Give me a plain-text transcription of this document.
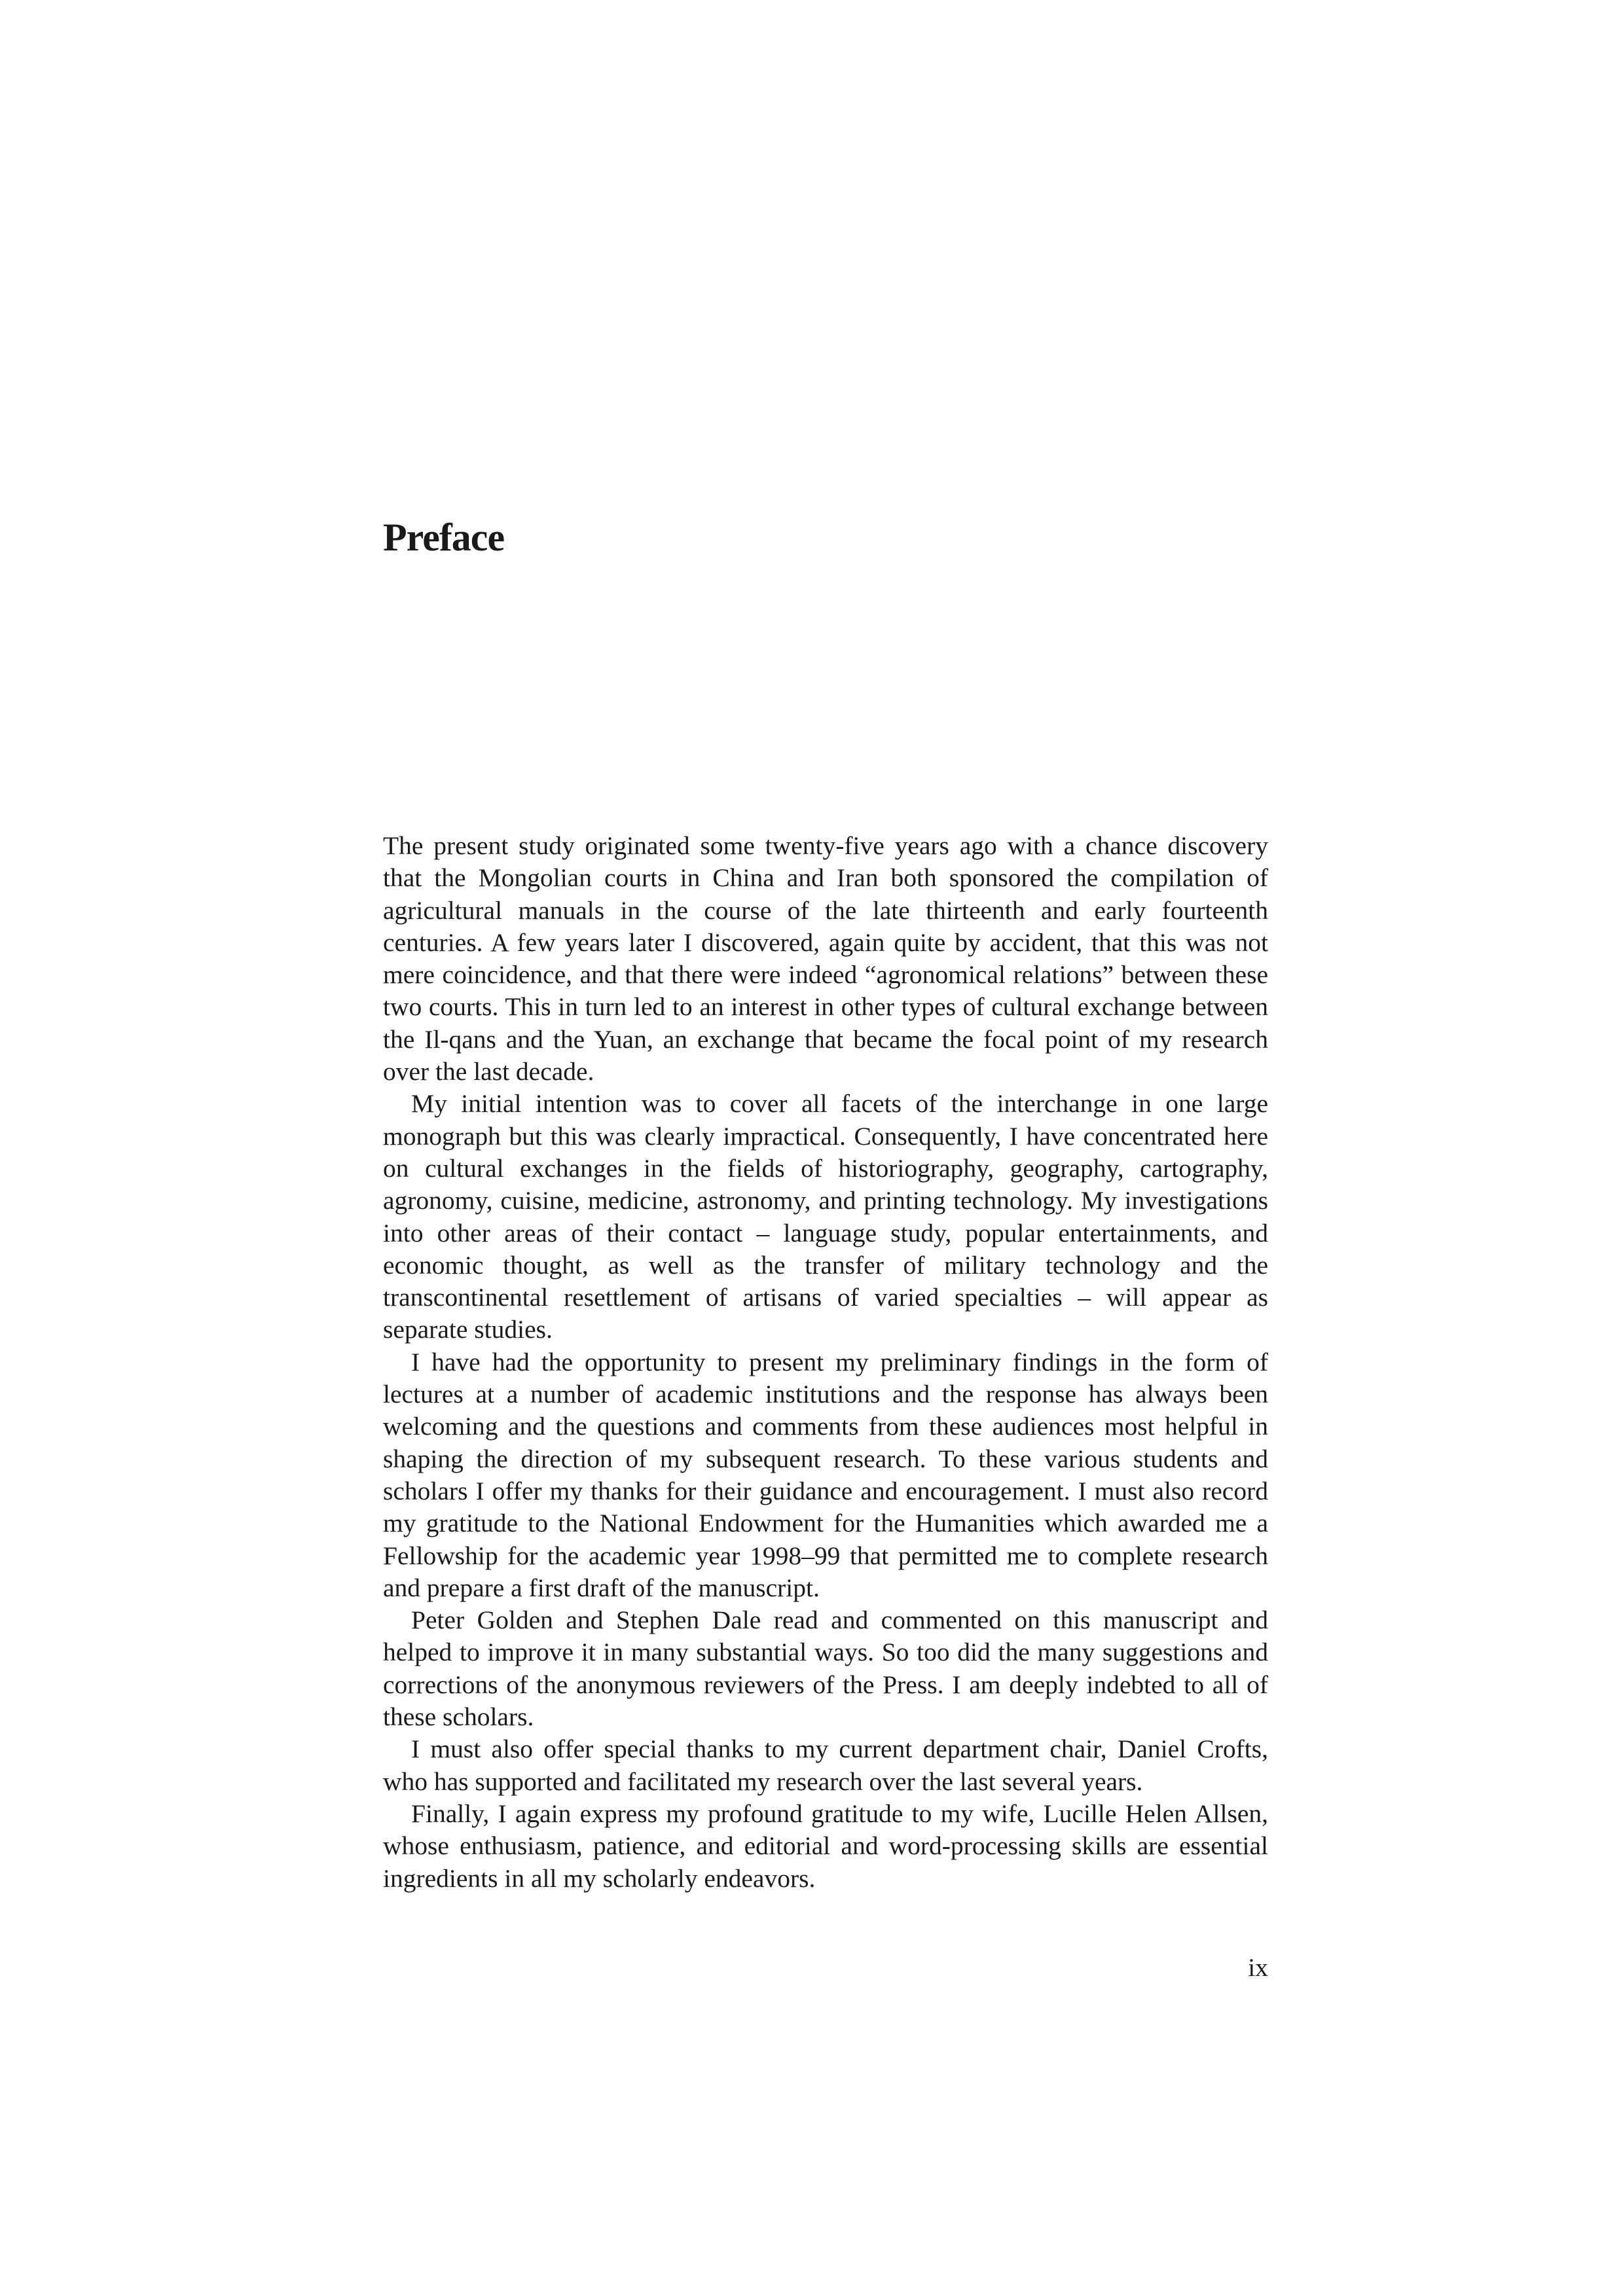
Preface

The present study originated some twenty-five years ago with a chance discovery that the Mongolian courts in China and Iran both sponsored the compilation of agricultural manuals in the course of the late thirteenth and early fourteenth centuries. A few years later I discovered, again quite by accident, that this was not mere coincidence, and that there were indeed “agronomical relations” between these two courts. This in turn led to an interest in other types of cultural exchange between the Il-qans and the Yuan, an exchange that became the focal point of my research over the last decade.

My initial intention was to cover all facets of the interchange in one large monograph but this was clearly impractical. Consequently, I have concentrated here on cultural exchanges in the fields of historiography, geography, cartography, agronomy, cuisine, medicine, astronomy, and printing technology. My investigations into other areas of their contact – language study, popular entertainments, and economic thought, as well as the transfer of military technology and the transcontinental resettlement of artisans of varied specialties – will appear as separate studies.

I have had the opportunity to present my preliminary findings in the form of lectures at a number of academic institutions and the response has always been welcoming and the questions and comments from these audiences most helpful in shaping the direction of my subsequent research. To these various students and scholars I offer my thanks for their guidance and encouragement. I must also record my gratitude to the National Endowment for the Humanities which awarded me a Fellowship for the academic year 1998–99 that permitted me to complete research and prepare a first draft of the manuscript.

Peter Golden and Stephen Dale read and commented on this manuscript and helped to improve it in many substantial ways. So too did the many suggestions and corrections of the anonymous reviewers of the Press. I am deeply indebted to all of these scholars.

I must also offer special thanks to my current department chair, Daniel Crofts, who has supported and facilitated my research over the last several years.

Finally, I again express my profound gratitude to my wife, Lucille Helen Allsen, whose enthusiasm, patience, and editorial and word-processing skills are essential ingredients in all my scholarly endeavors.

ix
